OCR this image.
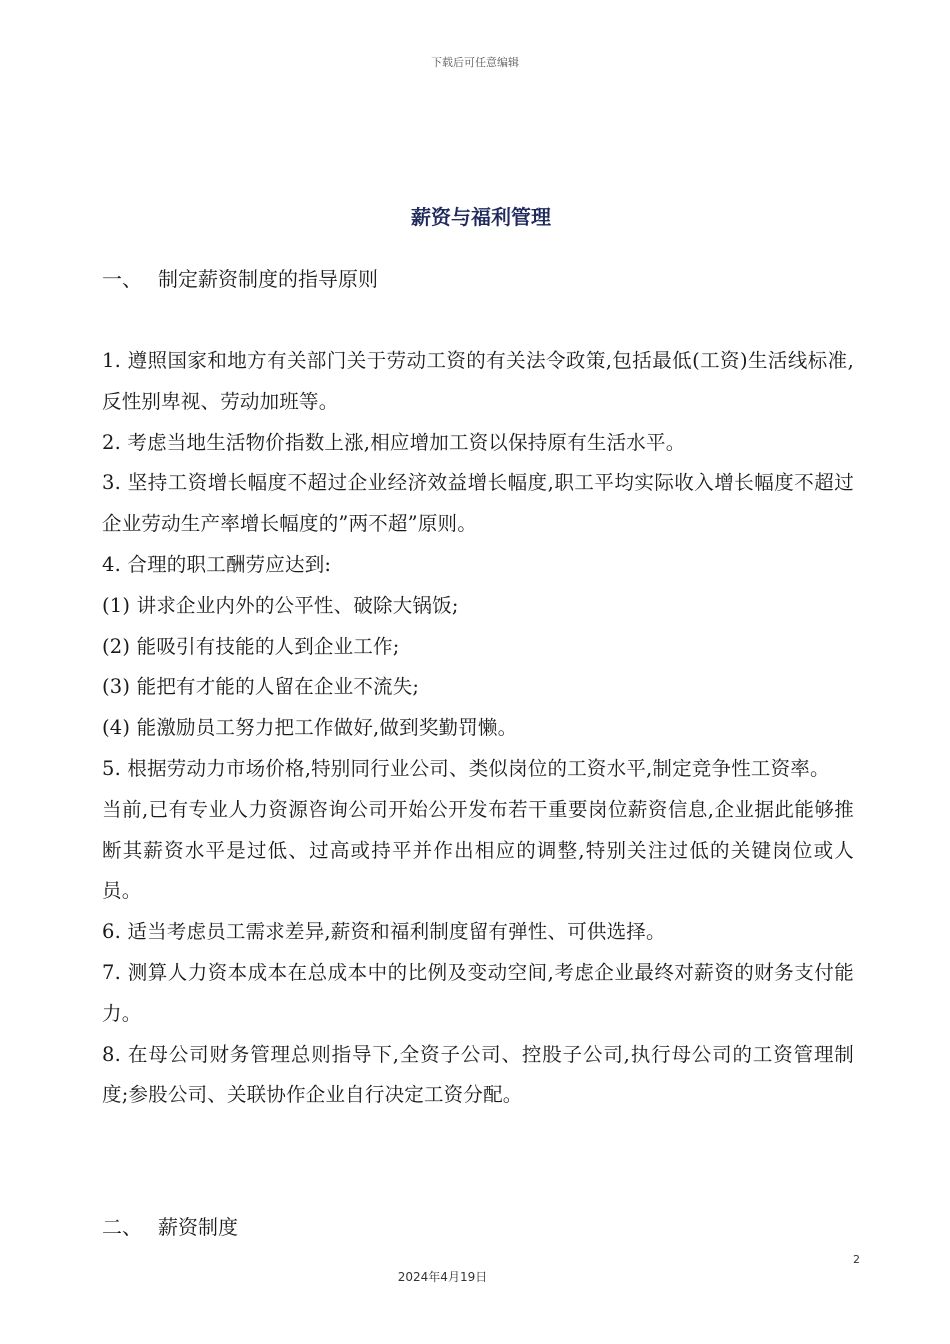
下载后可任意编辑
薪资与福利管理
一、 制定薪资制度的指导原则

1. 遵照国家和地方有关部门关于劳动工资的有关法令政策,包括最低(工资)生活线标准,反性别卑视、劳动加班等。

2. 考虑当地生活物价指数上涨,相应增加工资以保持原有生活水平。

3. 坚持工资增长幅度不超过企业经济效益增长幅度,职工平均实际收入增长幅度不超过企业劳动生产率增长幅度的”两不超”原则。

4. 合理的职工酬劳应达到:

(1) 讲求企业内外的公平性、破除大锅饭;

(2) 能吸引有技能的人到企业工作;

(3) 能把有才能的人留在企业不流失;

(4) 能激励员工努力把工作做好,做到奖勤罚懒。

5. 根据劳动力市场价格,特别同行业公司、类似岗位的工资水平,制定竞争性工资率。

当前,已有专业人力资源咨询公司开始公开发布若干重要岗位薪资信息,企业据此能够推断其薪资水平是过低、过高或持平并作出相应的调整,特别关注过低的关键岗位或人员。

6. 适当考虑员工需求差异,薪资和福利制度留有弹性、可供选择。

7. 测算人力资本成本在总成本中的比例及变动空间,考虑企业最终对薪资的财务支付能力。

8. 在母公司财务管理总则指导下,全资子公司、控股子公司,执行母公司的工资管理制度;参股公司、关联协作企业自行决定工资分配。

二、 薪资制度
2
2024年4月19日
